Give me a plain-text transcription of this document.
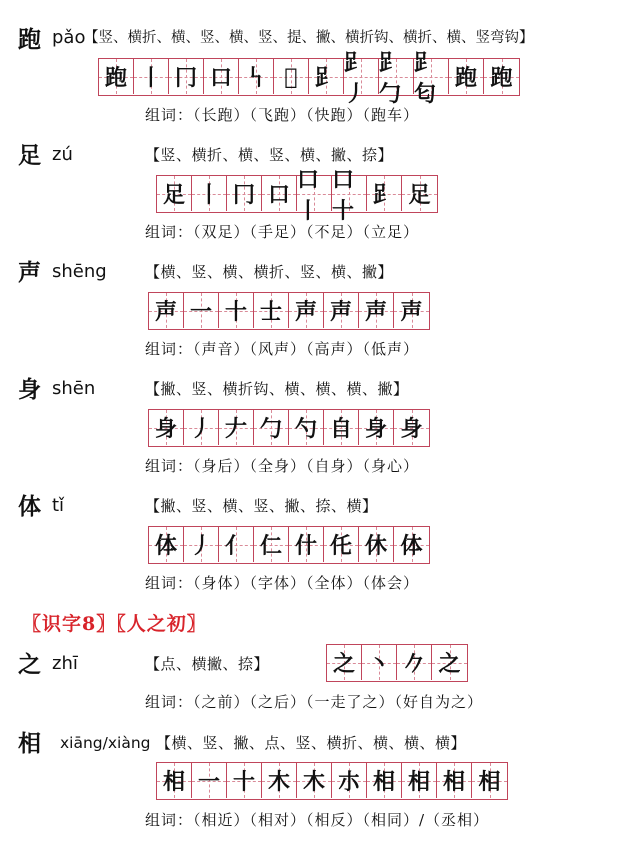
跑 pǎo
【竖、横折、横、竖、横、竖、提、撇、横折钩、横折、横、竖弯钩】
跑 丨 冂 口 𠃑 𠯁 𧾷
𧾷丿
𧾷勹
𧾷匂
跑 跑
组词：（长跑）（飞跑）（快跑）（跑车）
足 zú	【竖、横折、横、竖、横、撇、捺】
足 丨 冂 口
⼝丨
⼝十
𧾷 足
组词：（双足）（手足）（不足）（立足）
声 shēng	【横、竖、横、横折、竖、横、撇】
声 一 十 士 声 声 声 声
组词：（声音）（风声）（高声）（低声）
身 shēn	【撇、竖、横折钩、横、横、横、撇】
身 丿 𠂇 勹 勺 自 身 身
组词：（身后）（全身）（自身）（身心）
体 tǐ	【撇、竖、横、竖、撇、捺、横】
体 丿 亻 仁 什 仛 休 体
组词：（身体）（字体）（全体）（体会）
〖识字8〗〖人之初〗
之 zhī	【点、横撇、捺】	之 丶 𠂊 之
组词：（之前）（之后）（一走了之）（好自为之）
相 xiāng/xiàng 【横、竖、撇、点、竖、横折、横、横、横】
相 一 十 木 木 朩 相 相 相 相
组词：（相近）（相对）（相反）（相同）/（丞相）
